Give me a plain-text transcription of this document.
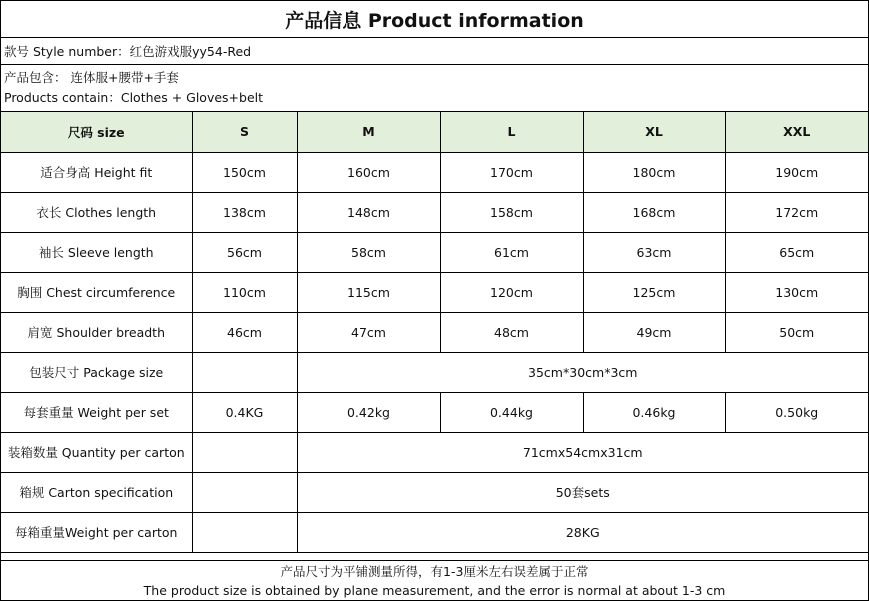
产品信息 Product information
款号 Style number：红色游戏服yy54-Red
产品包含： 连体服+腰带+手套
Products contain：Clothes + Gloves+belt
尺码 size	S	M	L	XL	XXL
适合身高 Height fit	150cm	160cm	170cm	180cm	190cm
衣长 Clothes length	138cm	148cm	158cm	168cm	172cm
袖长 Sleeve length	56cm	58cm	61cm	63cm	65cm
胸围 Chest circumference	110cm	115cm	120cm	125cm	130cm
肩宽 Shoulder breadth	46cm	47cm	48cm	49cm	50cm
包装尺寸 Package size		35cm*30cm*3cm			
每套重量 Weight per set	0.4KG	0.42kg	0.44kg	0.46kg	0.50kg
装箱数量 Quantity per carton		71cmx54cmx31cm			
箱规 Carton specification		50套sets			
每箱重量Weight per carton		28KG			
产品尺寸为平铺测量所得，有1-3厘米左右误差属于正常
The product size is obtained by plane measurement, and the error is normal at about 1-3 cm
